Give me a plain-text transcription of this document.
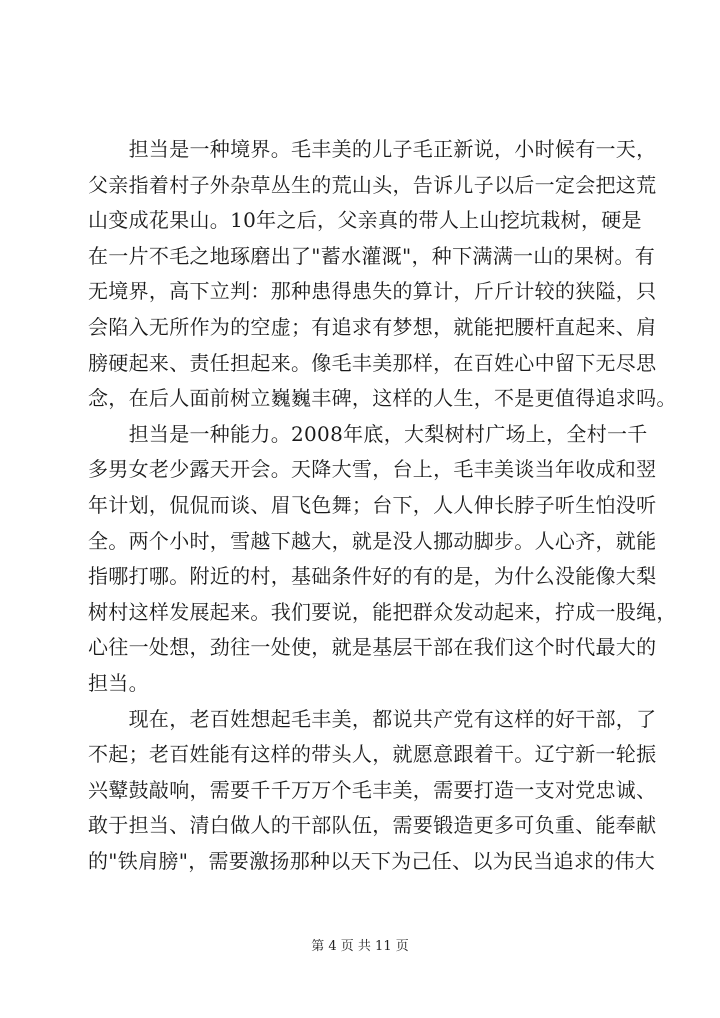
　　担当是一种境界。毛丰美的儿子毛正新说，小时候有一天，
父亲指着村子外杂草丛生的荒山头，告诉儿子以后一定会把这荒
山变成花果山。10年之后，父亲真的带人上山挖坑栽树，硬是
在一片不毛之地琢磨出了"蓄水灌溉"，种下满满一山的果树。有
无境界，高下立判：那种患得患失的算计，斤斤计较的狭隘，只
会陷入无所作为的空虚；有追求有梦想，就能把腰杆直起来、肩
膀硬起来、责任担起来。像毛丰美那样，在百姓心中留下无尽思
念，在后人面前树立巍巍丰碑，这样的人生，不是更值得追求吗。
　　担当是一种能力。2008年底，大梨树村广场上，全村一千
多男女老少露天开会。天降大雪，台上，毛丰美谈当年收成和翌
年计划，侃侃而谈、眉飞色舞；台下，人人伸长脖子听生怕没听
全。两个小时，雪越下越大，就是没人挪动脚步。人心齐，就能
指哪打哪。附近的村，基础条件好的有的是，为什么没能像大梨
树村这样发展起来。我们要说，能把群众发动起来，拧成一股绳，
心往一处想，劲往一处使，就是基层干部在我们这个时代最大的
担当。
　　现在，老百姓想起毛丰美，都说共产党有这样的好干部，了
不起；老百姓能有这样的带头人，就愿意跟着干。辽宁新一轮振
兴鼙鼓敲响，需要千千万万个毛丰美，需要打造一支对党忠诚、
敢于担当、清白做人的干部队伍，需要锻造更多可负重、能奉献
的"铁肩膀"，需要激扬那种以天下为己任、以为民当追求的伟大
第 4 页 共 11 页
